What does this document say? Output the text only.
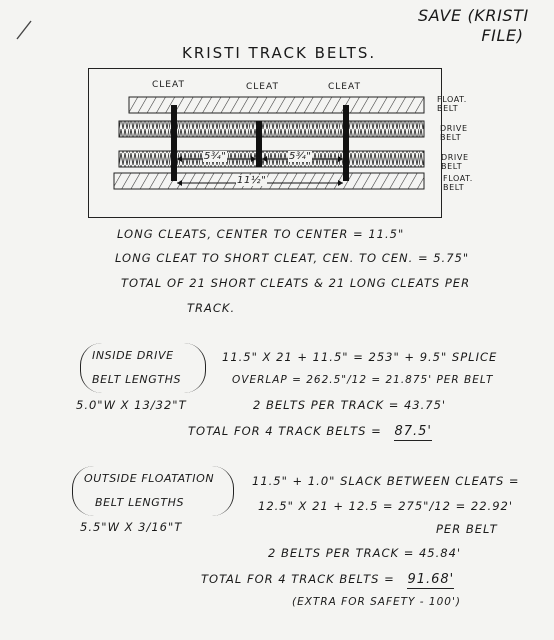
SAVE (KRISTI
FILE)
KRISTI TRACK BELTS.
CLEAT	CLEAT	CLEAT
FLOAT.
BELT
DRIVE
BELT
DRIVE
BELT
FLOAT.
BELT
5¾"	5¾"
11½"
LONG CLEATS, CENTER TO CENTER = 11.5"
LONG CLEAT TO SHORT CLEAT, CEN. TO CEN. = 5.75"
TOTAL OF 21 SHORT CLEATS & 21 LONG CLEATS PER
TRACK.
INSIDE DRIVE
BELT LENGTHS
5.0"W X 13/32"T
11.5" X 21 + 11.5" = 253" + 9.5" SPLICE
OVERLAP = 262.5"/12 = 21.875' PER BELT
2 BELTS PER TRACK = 43.75'
TOTAL FOR 4 TRACK BELTS = 87.5'
OUTSIDE FLOATATION
BELT LENGTHS
5.5"W X 3/16"T
11.5" + 1.0" SLACK BETWEEN CLEATS =
12.5" X 21 + 12.5 = 275"/12 = 22.92'
PER BELT
2 BELTS PER TRACK = 45.84'
TOTAL FOR 4 TRACK BELTS = 91.68'
(EXTRA FOR SAFETY - 100')
